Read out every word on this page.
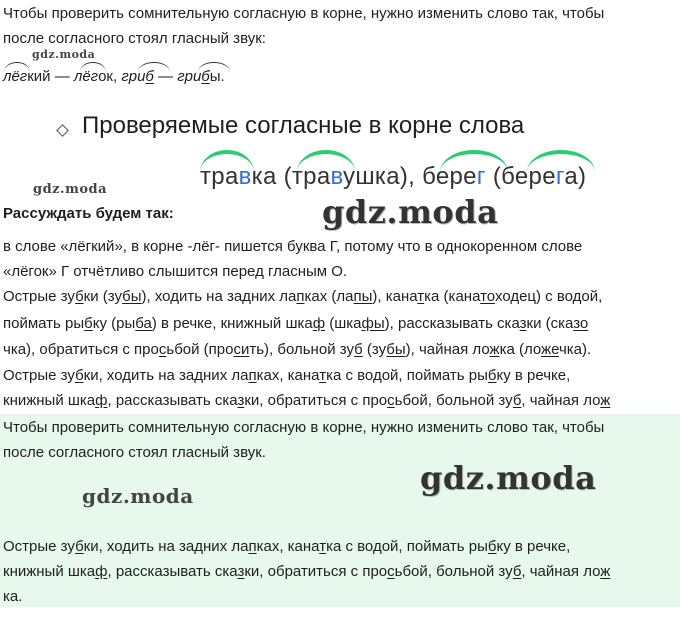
Чтобы проверить сомнительную согласную в корне, нужно изменить слово так, чтобы
после согласного стоял гласный звук:
gdz.moda
лёгкий — лёгок, гриб — грибы.
Проверяемые согласные в корне слова
травка (травушка), берег (берега)
gdz.moda
Рассуждать будем так:	gdz.moda
в слове «лёгкий», в корне -лёг- пишется буква Г, потому что в однокоренном слове
«лёгок» Г отчётливо слышится перед гласным О.
Острые зубки (зубы), ходить на задних лапках (лапы), канатка (канатоходец) с водой,
поймать рыбку (рыба) в речке, книжный шкаф (шкафы), рассказывать сказки (сказо
чка), обратиться с просьбой (просить), больной зуб (зубы), чайная ложка (ложечка).
Острые зубки, ходить на задних лапках, канатка с водой, поймать рыбку в речке,
книжный шкаф, рассказывать сказки, обратиться с просьбой, больной зуб, чайная лож
Чтобы проверить сомнительную согласную в корне, нужно изменить слово так, чтобы
после согласного стоял гласный звук.
gdz.moda
gdz.moda
Острые зубки, ходить на задних лапках, канатка с водой, поймать рыбку в речке,
книжный шкаф, рассказывать сказки, обратиться с просьбой, больной зуб, чайная лож
ка.
